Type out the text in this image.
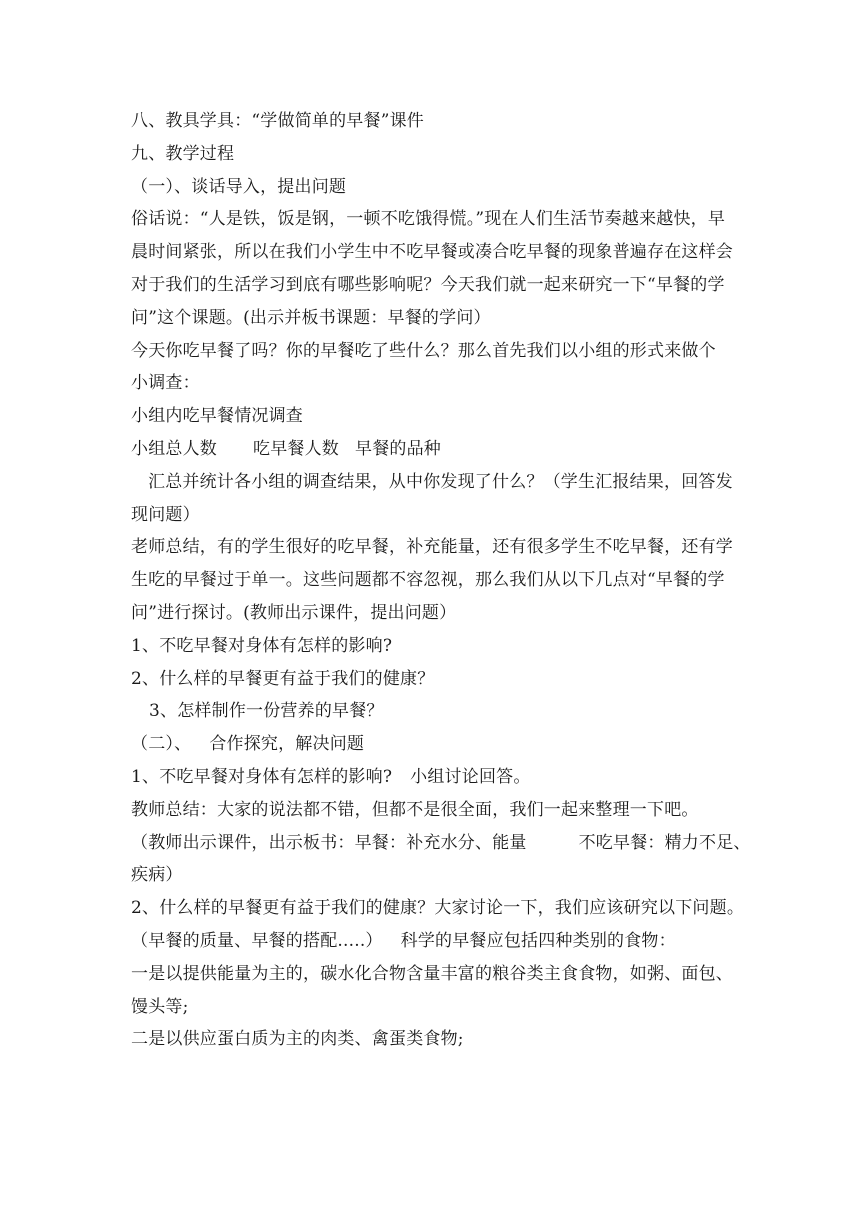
八、教具学具：“学做简单的早餐”课件
九、教学过程
（一）、谈话导入，提出问题
俗话说：“人是铁，饭是钢，一顿不吃饿得慌。”现在人们生活节奏越来越快，早
晨时间紧张，所以在我们小学生中不吃早餐或凑合吃早餐的现象普遍存在这样会
对于我们的生活学习到底有哪些影响呢？今天我们就一起来研究一下“早餐的学
问”这个课题。(出示并板书课题：早餐的学问）
今天你吃早餐了吗？你的早餐吃了些什么？那么首先我们以小组的形式来做个
小调查：
小组内吃早餐情况调查
小组总人数 吃早餐人数 早餐的品种
汇总并统计各小组的调查结果，从中你发现了什么？（学生汇报结果，回答发
现问题）
老师总结，有的学生很好的吃早餐，补充能量，还有很多学生不吃早餐，还有学
生吃的早餐过于单一。这些问题都不容忽视，那么我们从以下几点对“早餐的学
问”进行探讨。(教师出示课件，提出问题）
1、不吃早餐对身体有怎样的影响?
2、什么样的早餐更有益于我们的健康？
3、怎样制作一份营养的早餐？
（二）、 合作探究，解决问题
1、不吃早餐对身体有怎样的影响? 小组讨论回答。
教师总结：大家的说法都不错，但都不是很全面，我们一起来整理一下吧。
（教师出示课件，出示板书：早餐：补充水分、能量	不吃早餐：精力不足、
疾病）
2、什么样的早餐更有益于我们的健康？大家讨论一下，我们应该研究以下问题。
（早餐的质量、早餐的搭配.....） 科学的早餐应包括四种类别的食物：
一是以提供能量为主的，碳水化合物含量丰富的粮谷类主食食物，如粥、面包、
馒头等;
二是以供应蛋白质为主的肉类、禽蛋类食物;
